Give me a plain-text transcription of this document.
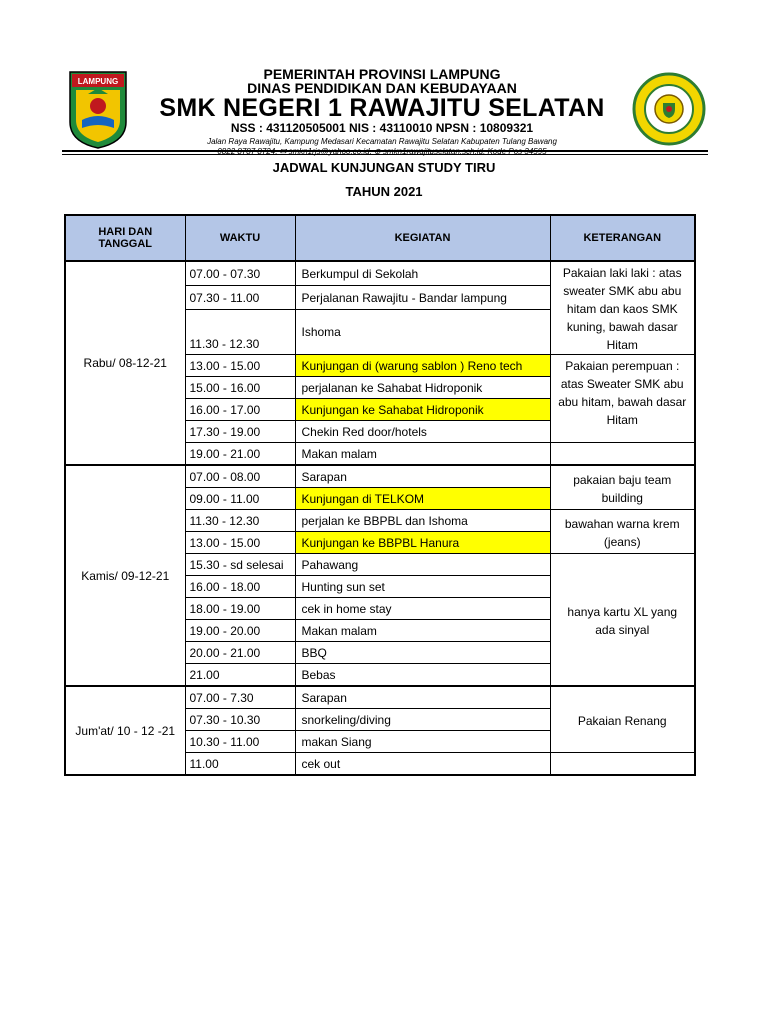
LAMPUNG	PEMERINTAH PROVINSI LAMPUNG
DINAS PENDIDIKAN DAN KEBUDAYAAN
SMK NEGERI 1 RAWAJITU SELATAN
NSS : 431120505001 NIS : 43110010 NPSN : 10809321
Jalan Raya Rawajitu, Kampung Medasari Kecamatan Rawajitu Selatan Kabupaten Tulang Bawang
0822 8787 8724, ✉ smkn1rjs@yahoo.co.id, ⊕ smkn1rawajituselatan.sch.id, Kode Pos 34595
JADWAL KUNJUNGAN STUDY TIRU
TAHUN 2021
HARI DAN TANGGAL	WAKTU	KEGIATAN	KETERANGAN
Rabu/ 08-12-21	07.00 - 07.30	Berkumpul di Sekolah	Pakaian laki laki : atas sweater SMK abu abu hitam dan kaos SMK kuning, bawah dasar Hitam
	07.30 - 11.00	Perjalanan Rawajitu - Bandar lampung	
	11.30 - 12.30	Ishoma	
	13.00 - 15.00	Kunjungan di (warung sablon ) Reno tech	Pakaian perempuan : atas Sweater SMK abu abu hitam, bawah dasar Hitam
	15.00 - 16.00	perjalanan ke Sahabat Hidroponik	
	16.00 - 17.00	Kunjungan ke Sahabat Hidroponik	
	17.30 - 19.00	Chekin Red door/hotels	
	19.00 - 21.00	Makan malam	
Kamis/ 09-12-21	07.00 - 08.00	Sarapan	pakaian baju team building
	09.00 - 11.00	Kunjungan di TELKOM	
	11.30 - 12.30	perjalan ke BBPBL dan Ishoma	bawahan warna krem (jeans)
	13.00 - 15.00	Kunjungan ke BBPBL Hanura	
	15.30 - sd selesai	Pahawang	hanya kartu XL yang ada sinyal
	16.00 - 18.00	Hunting sun set	
	18.00 - 19.00	cek in home stay	
	19.00 - 20.00	Makan malam	
	20.00 - 21.00	BBQ	
	21.00	Bebas	
Jum'at/ 10 - 12 -21	07.00 - 7.30	Sarapan	Pakaian Renang
	07.30 - 10.30	snorkeling/diving	
	10.30 - 11.00	makan Siang	
	11.00	cek out	
